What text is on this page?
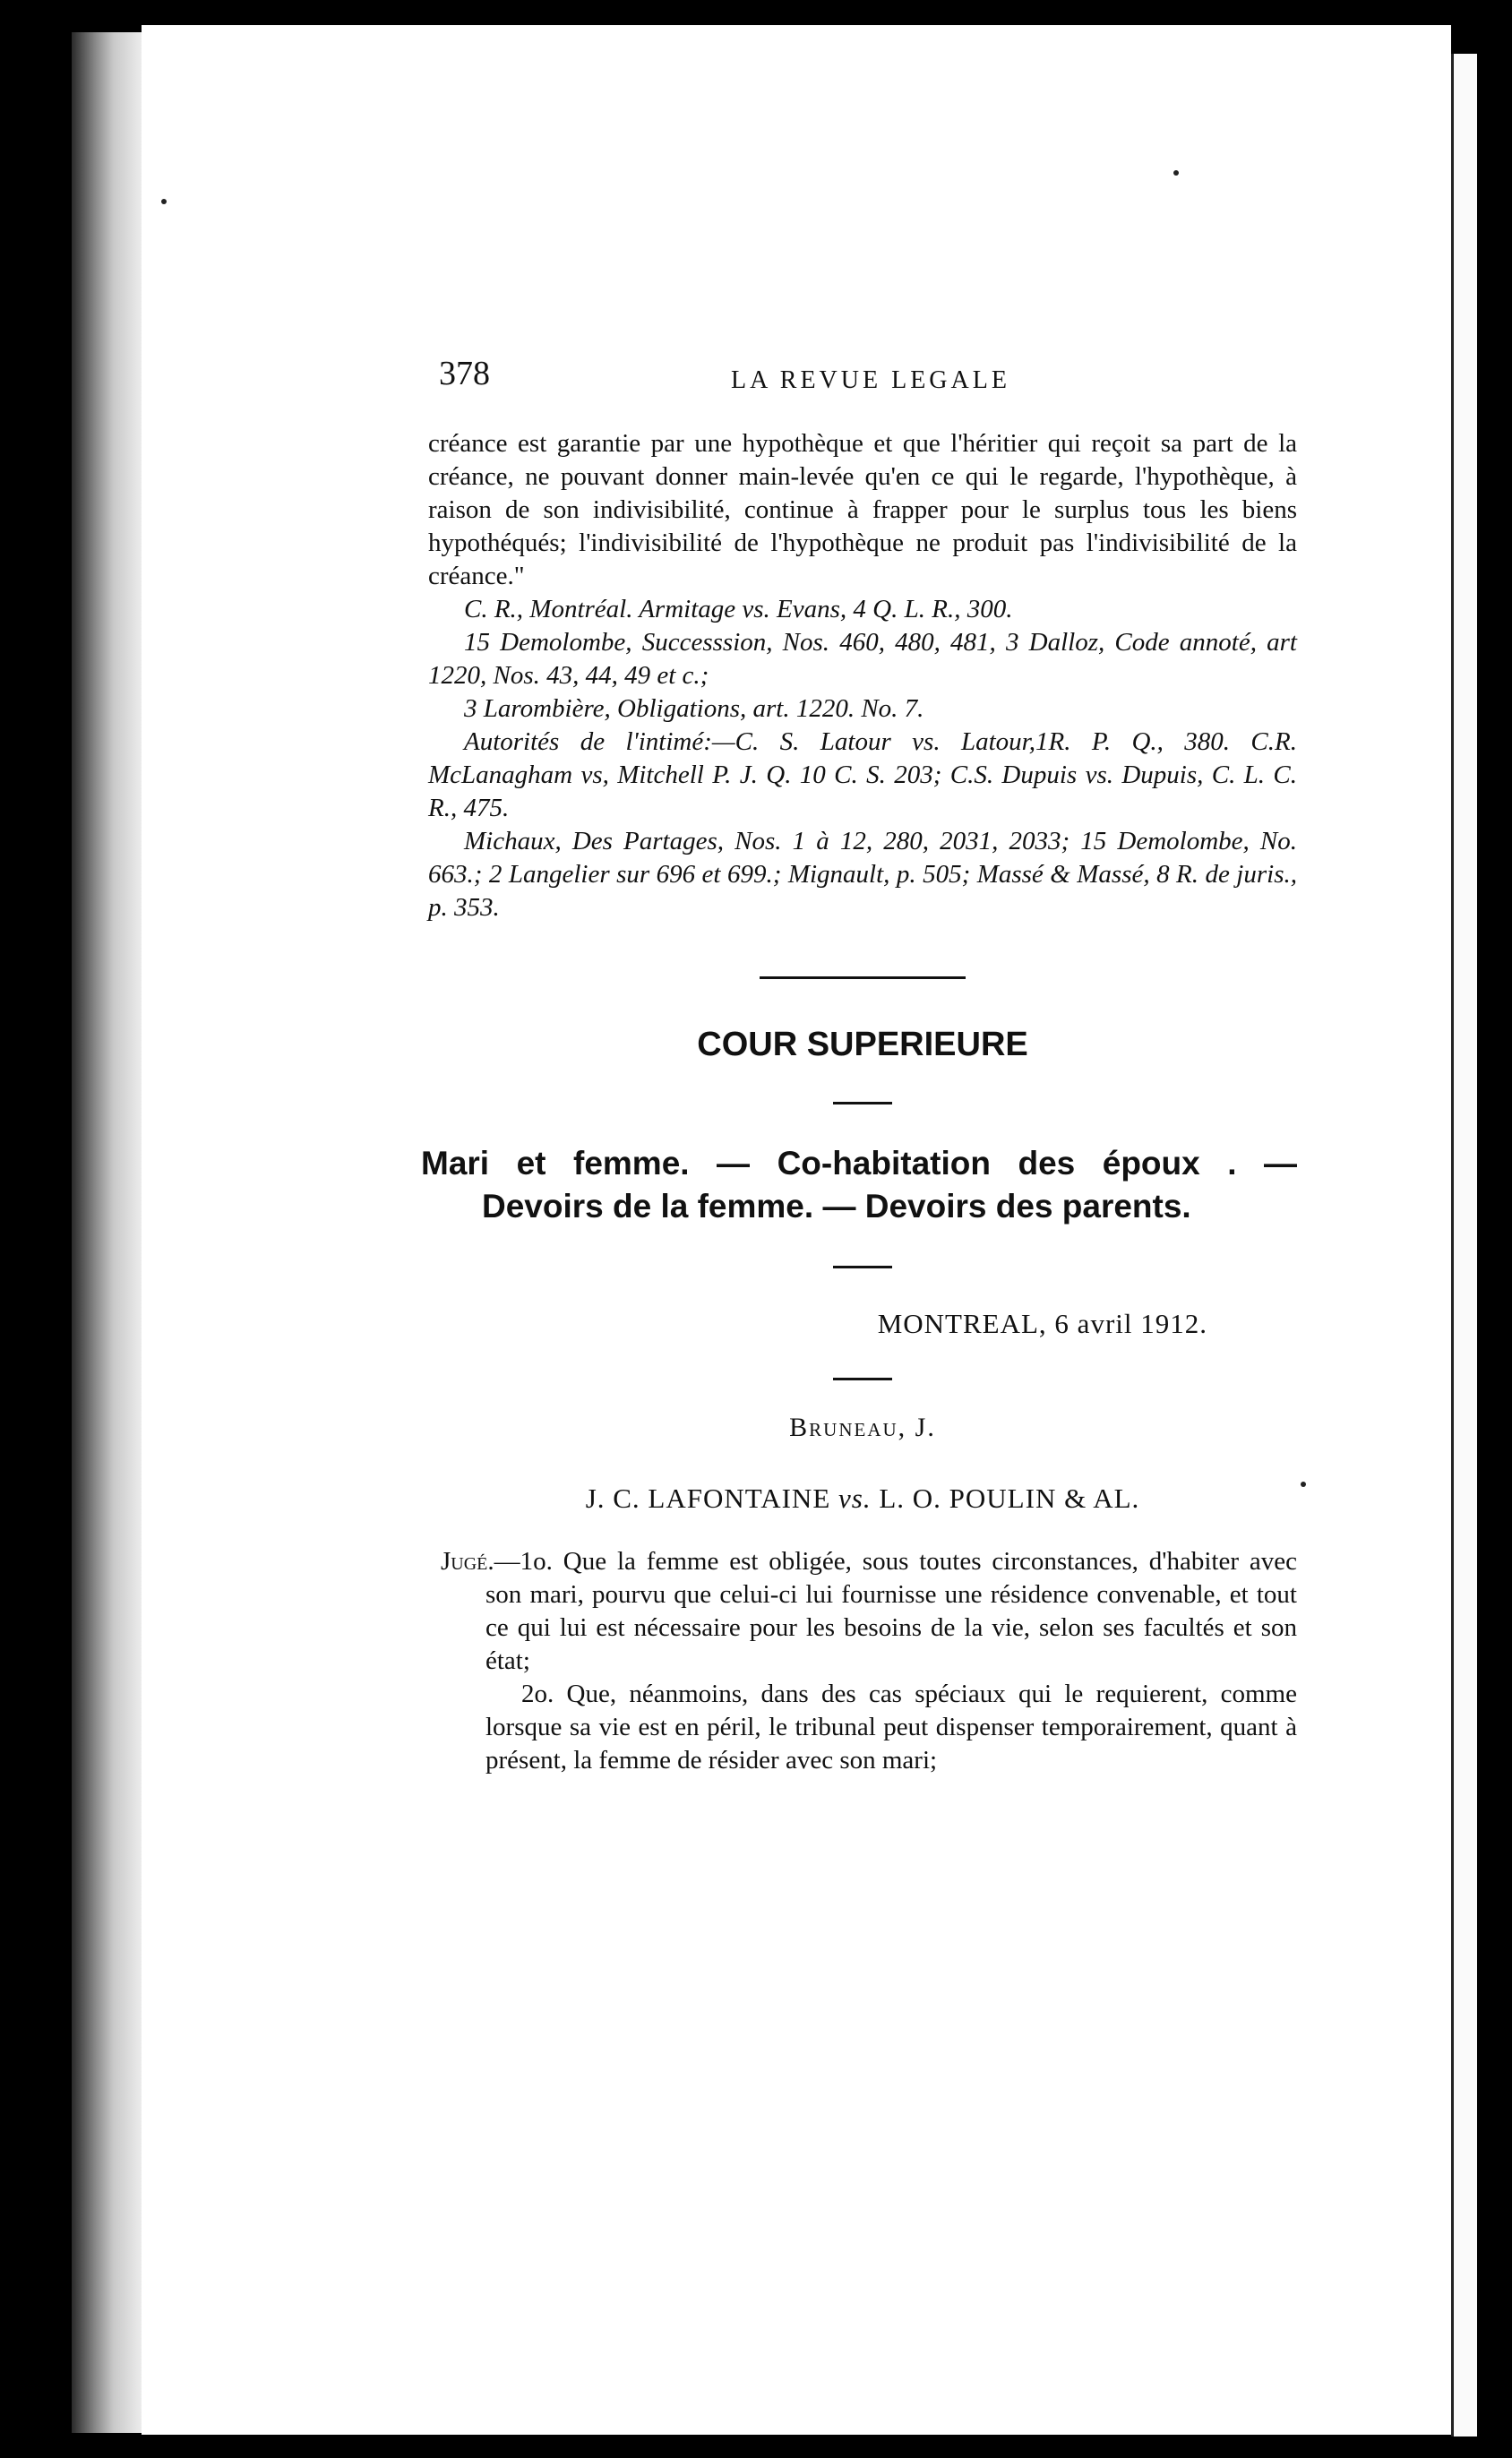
378	LA REVUE LEGALE

créance est garantie par une hypothèque et que l'héritier qui reçoit sa part de la créance, ne pouvant donner main-levée qu'en ce qui le regarde, l'hypothèque, à raison de son indivisibilité, continue à frapper pour le surplus tous les biens hypothéqués; l'indivisibilité de l'hypothèque ne produit pas l'indivisibilité de la créance."

C. R., Montréal. Armitage vs. Evans, 4 Q. L. R., 300.

15 Demolombe, Successsion, Nos. 460, 480, 481, 3 Dalloz, Code annoté, art 1220, Nos. 43, 44, 49 et c.;

3 Larombière, Obligations, art. 1220. No. 7.

Autorités de l'intimé:—C. S. Latour vs. Latour,1R. P. Q., 380. C.R. McLanagham vs, Mitchell P. J. Q. 10 C. S. 203; C.S. Dupuis vs. Dupuis, C. L. C. R., 475.

Michaux, Des Partages, Nos. 1 à 12, 280, 2031, 2033; 15 Demolombe, No. 663.; 2 Langelier sur 696 et 699.; Mignault, p. 505; Massé & Massé, 8 R. de juris., p. 353.

COUR SUPERIEURE
Mari et femme. — Co-habitation des époux . —
Devoirs de la femme. — Devoirs des parents.
MONTREAL, 6 avril 1912.
Bruneau, J.
J. C. LAFONTAINE vs. L. O. POULIN & AL.

Jugé.—1o. Que la femme est obligée, sous toutes circonstances, d'habiter avec son mari, pourvu que celui-ci lui fournisse une résidence convenable, et tout ce qui lui est nécessaire pour les besoins de la vie, selon ses facultés et son état;

2o. Que, néanmoins, dans des cas spéciaux qui le requierent, comme lorsque sa vie est en péril, le tribunal peut dispenser temporairement, quant à présent, la femme de résider avec son mari;
